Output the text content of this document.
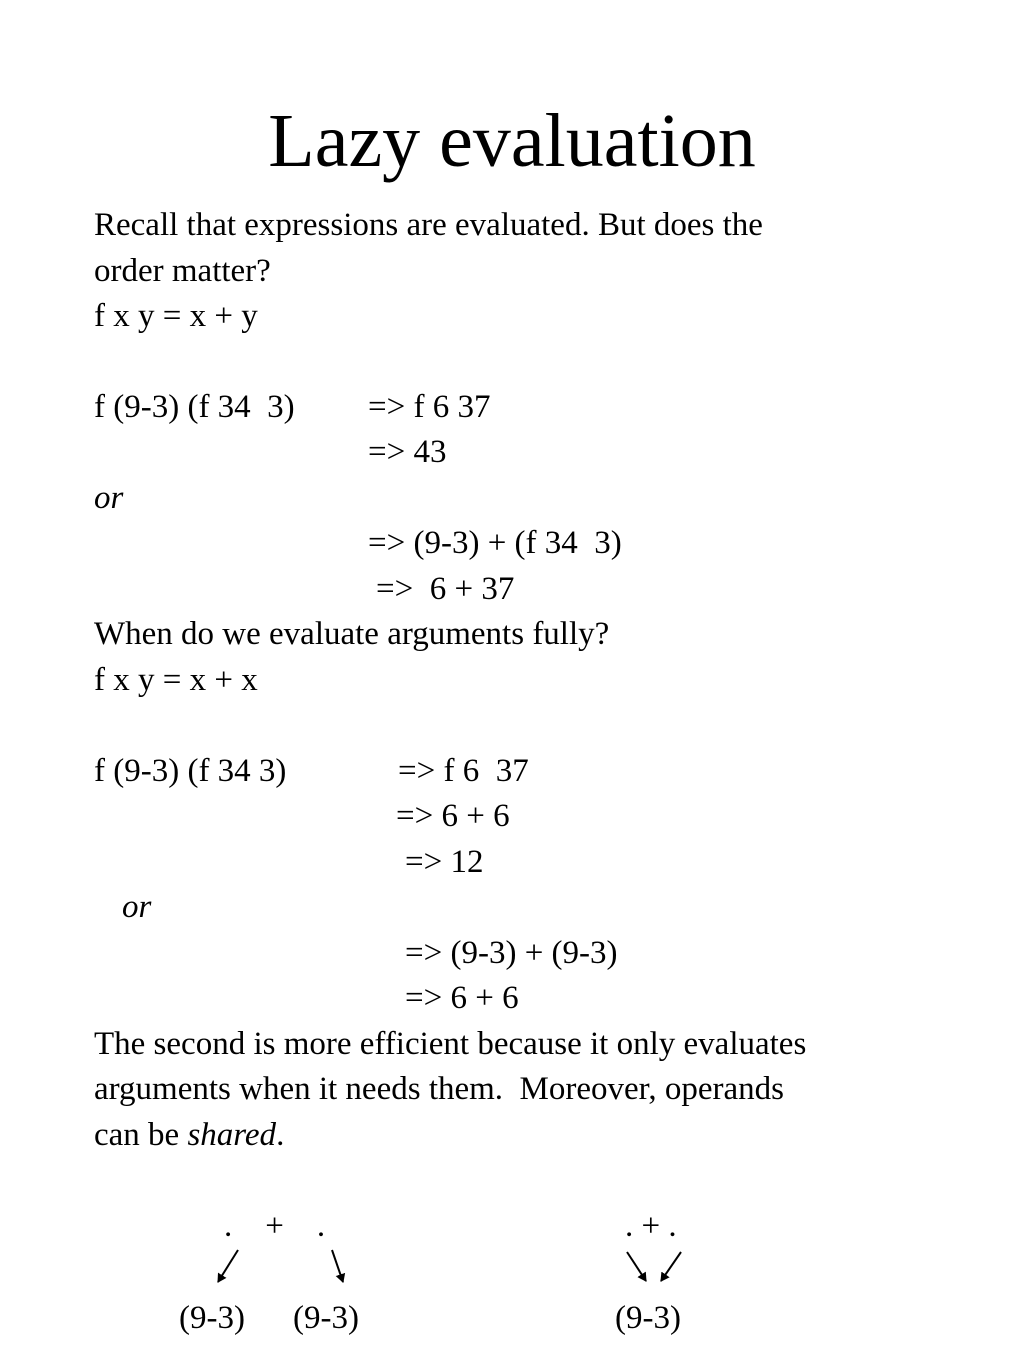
Lazy evaluation

Recall that expressions are evaluated. But does the

order matter?

f x y = x + y

f (9-3) (f 34  3) => f 6 37

=> 43

or

=> (9-3) + (f 34  3)

=>  6 + 37

When do we evaluate arguments fully?

f x y = x + x

f (9-3) (f 34 3)	=> f 6  37

=> 6 + 6

=> 12

or

=> (9-3) + (9-3)

=> 6 + 6

The second is more efficient because it only evaluates

arguments when it needs them.  Moreover, operands

can be shared.

.    +    .
(9-3) (9-3)
. + .
(9-3)
